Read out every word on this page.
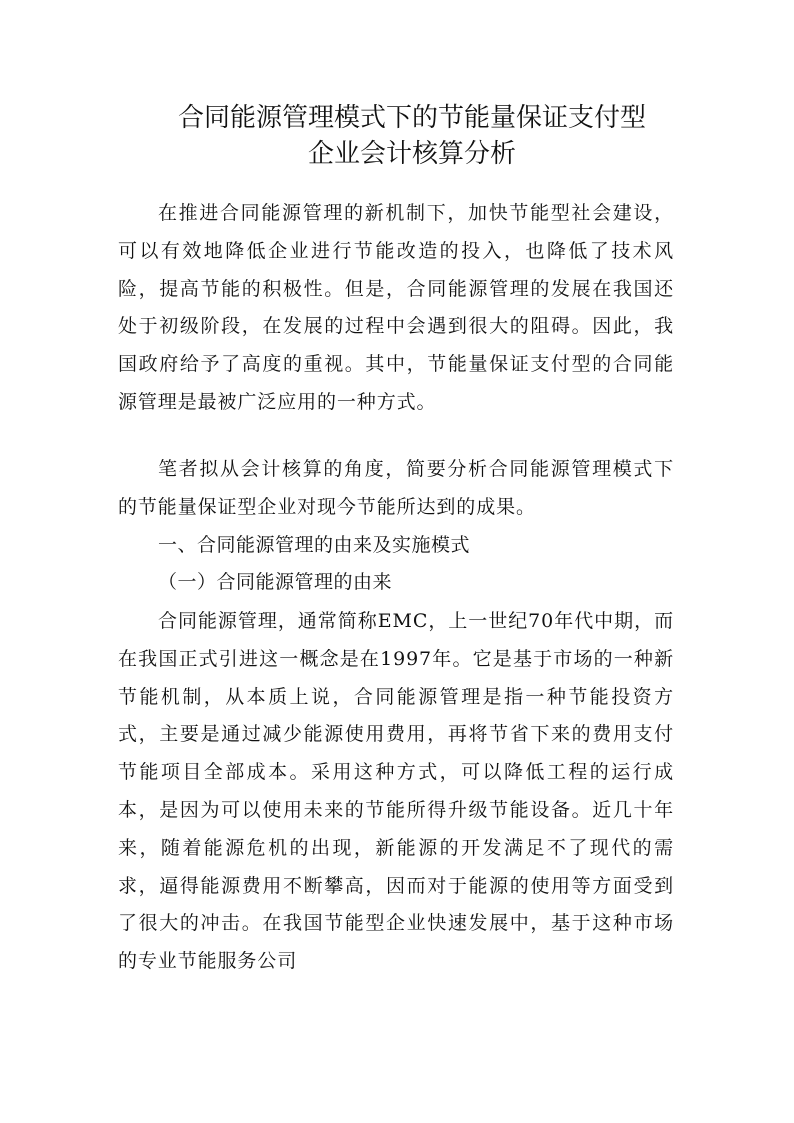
合同能源管理模式下的节能量保证支付型
企业会计核算分析

在推进合同能源管理的新机制下，加快节能型社会建设，可以有效地降低企业进行节能改造的投入，也降低了技术风险，提高节能的积极性。但是，合同能源管理的发展在我国还处于初级阶段，在发展的过程中会遇到很大的阻碍。因此，我国政府给予了高度的重视。其中，节能量保证支付型的合同能源管理是最被广泛应用的一种方式。

笔者拟从会计核算的角度，简要分析合同能源管理模式下的节能量保证型企业对现今节能所达到的成果。

一、合同能源管理的由来及实施模式
（一）合同能源管理的由来

合同能源管理，通常简称EMC，上一世纪70年代中期，而在我国正式引进这一概念是在1997年。它是基于市场的一种新节能机制，从本质上说，合同能源管理是指一种节能投资方式，主要是通过减少能源使用费用，再将节省下来的费用支付节能项目全部成本。采用这种方式，可以降低工程的运行成本，是因为可以使用未来的节能所得升级节能设备。近几十年来，随着能源危机的出现，新能源的开发满足不了现代的需求，逼得能源费用不断攀高，因而对于能源的使用等方面受到了很大的冲击。在我国节能型企业快速发展中，基于这种市场的专业节能服务公司
